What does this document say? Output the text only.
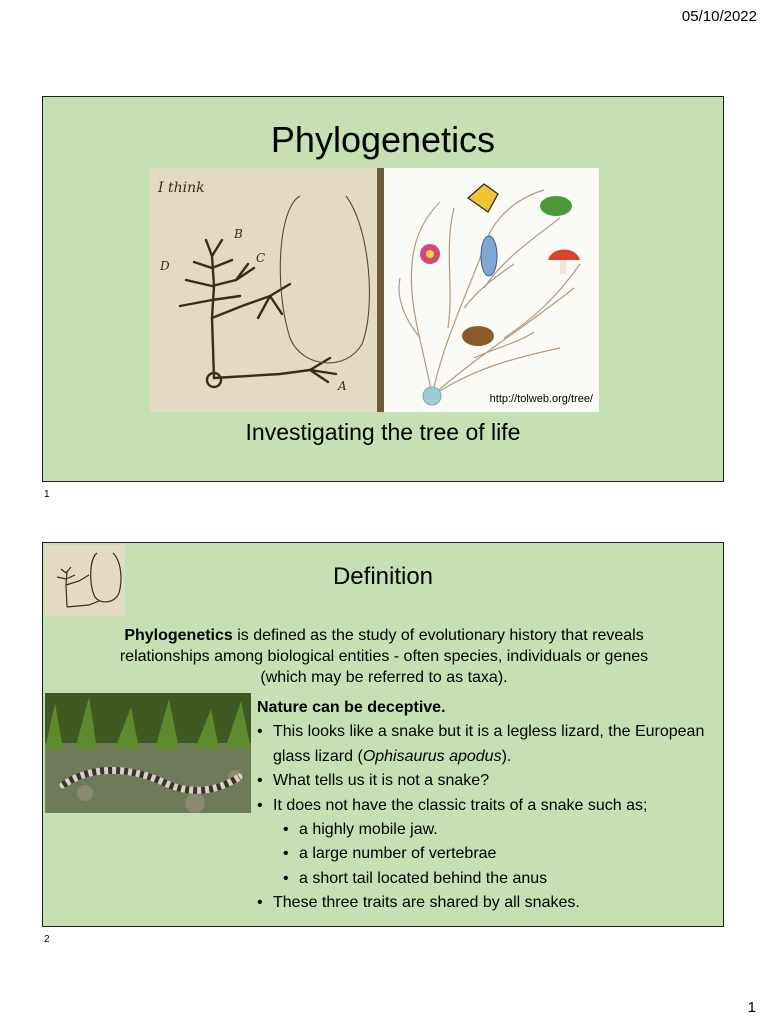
05/10/2022
Phylogenetics
I think
A
B
C
D
http://tolweb.org/tree/
Investigating the tree of life
1
Definition
Phylogenetics is defined as the study of evolutionary history that reveals relationships among biological entities - often species, individuals or genes (which may be referred to as taxa).
Nature can be deceptive.
• This looks like a snake but it is a legless lizard, the European glass lizard (Ophisaurus apodus).
• What tells us it is not a snake?
• It does not have the classic traits of a snake such as;
• a highly mobile jaw.
• a large number of vertebrae
• a short tail located behind the anus
• These three traits are shared by all snakes.
2
1
